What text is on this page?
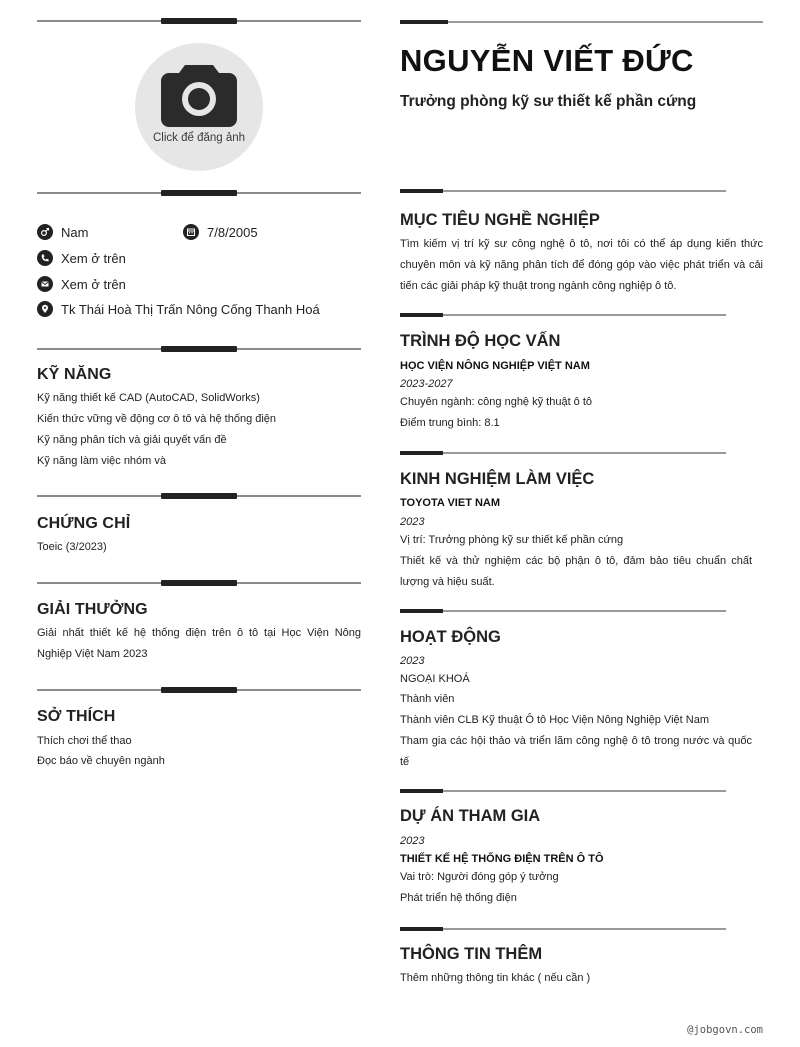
Click để đăng ảnh
Nam	7/8/2005
Xem ở trên
Xem ở trên
Tk Thái Hoà Thị Trấn Nông Cống Thanh Hoá
KỸ NĂNG
Kỹ năng thiết kế CAD (AutoCAD, SolidWorks)
Kiến thức vững về động cơ ô tô và hệ thống điện
Kỹ năng phân tích và giải quyết vấn đề
Kỹ năng làm việc nhóm và
CHỨNG CHỈ
Toeic (3/2023)
GIẢI THƯỞNG
Giải nhất thiết kế hệ thống điện trên ô tô tại Học Viện Nông Nghiệp Việt Nam 2023
SỞ THÍCH
Thích chơi thể thao
Đọc báo về chuyên ngành
NGUYỄN VIẾT ĐỨC
Trưởng phòng kỹ sư thiết kế phần cứng
MỤC TIÊU NGHỀ NGHIỆP
Tìm kiếm vị trí kỹ sư công nghệ ô tô, nơi tôi có thể áp dụng kiến thức chuyên môn và kỹ năng phân tích để đóng góp vào việc phát triển và cải tiến các giải pháp kỹ thuật trong ngành công nghiệp ô tô.
TRÌNH ĐỘ HỌC VẤN
HỌC VIỆN NÔNG NGHIỆP VIỆT NAM
2023-2027
Chuyên ngành: công nghệ kỹ thuật ô tô
Điểm trung bình: 8.1
KINH NGHIỆM LÀM VIỆC
TOYOTA VIET NAM
2023
Vị trí: Trưởng phòng kỹ sư thiết kế phần cứng
Thiết kế và thử nghiệm các bộ phận ô tô, đảm bảo tiêu chuẩn chất lượng và hiệu suất.
HOẠT ĐỘNG
2023
NGOẠI KHOÁ
Thành viên
Thành viên CLB Kỹ thuật Ô tô Học Viện Nông Nghiệp Việt Nam
Tham gia các hội thảo và triển lãm công nghệ ô tô trong nước và quốc tế
DỰ ÁN THAM GIA
2023
THIẾT KẾ HỆ THỐNG ĐIỆN TRÊN Ô TÔ
Vai trò: Người đóng góp ý tưởng
Phát triển hệ thống điện
THÔNG TIN THÊM
Thêm những thông tin khác ( nếu cần )
@jobgovn.com
